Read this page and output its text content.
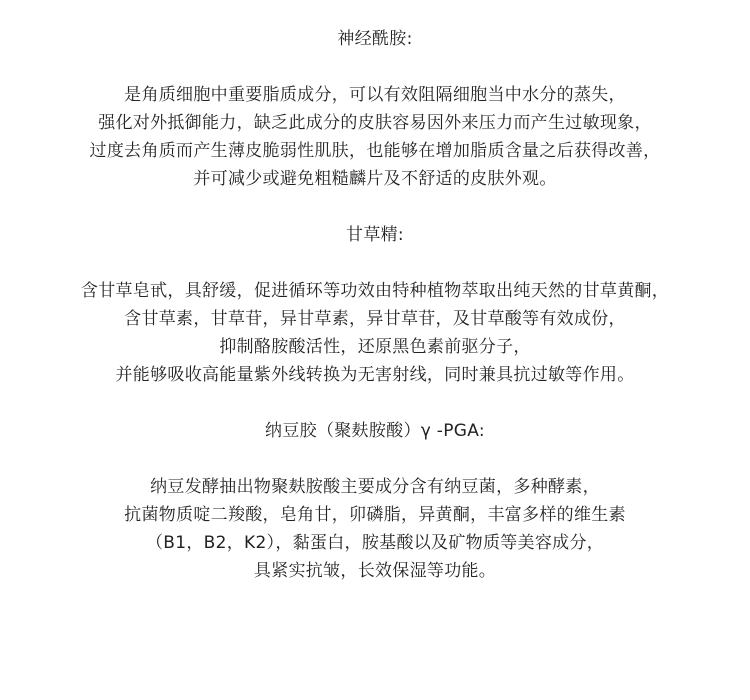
神经酰胺:
是角质细胞中重要脂质成分，可以有效阻隔细胞当中水分的蒸失，
强化对外抵御能力，缺乏此成分的皮肤容易因外来压力而产生过敏现象，
过度去角质而产生薄皮脆弱性肌肤，也能够在增加脂质含量之后获得改善，
并可减少或避免粗糙麟片及不舒适的皮肤外观。
甘草精:
含甘草皂甙，具舒缓，促进循环等功效由特种植物萃取出纯天然的甘草黄酮，
含甘草素，甘草苷，异甘草素，异甘草苷，及甘草酸等有效成份，
抑制酪胺酸活性，还原黑色素前驱分子，
并能够吸收高能量紫外线转换为无害射线，同时兼具抗过敏等作用。
纳豆胶（聚麸胺酸）γ -PGA:
纳豆发酵抽出物聚麸胺酸主要成分含有纳豆菌，多种酵素，
抗菌物质啶二羧酸，皂角甘，卯磷脂，异黄酮，丰富多样的维生素
（B1，B2，K2），黏蛋白，胺基酸以及矿物质等美容成分，
具紧实抗皱，长效保湿等功能。
